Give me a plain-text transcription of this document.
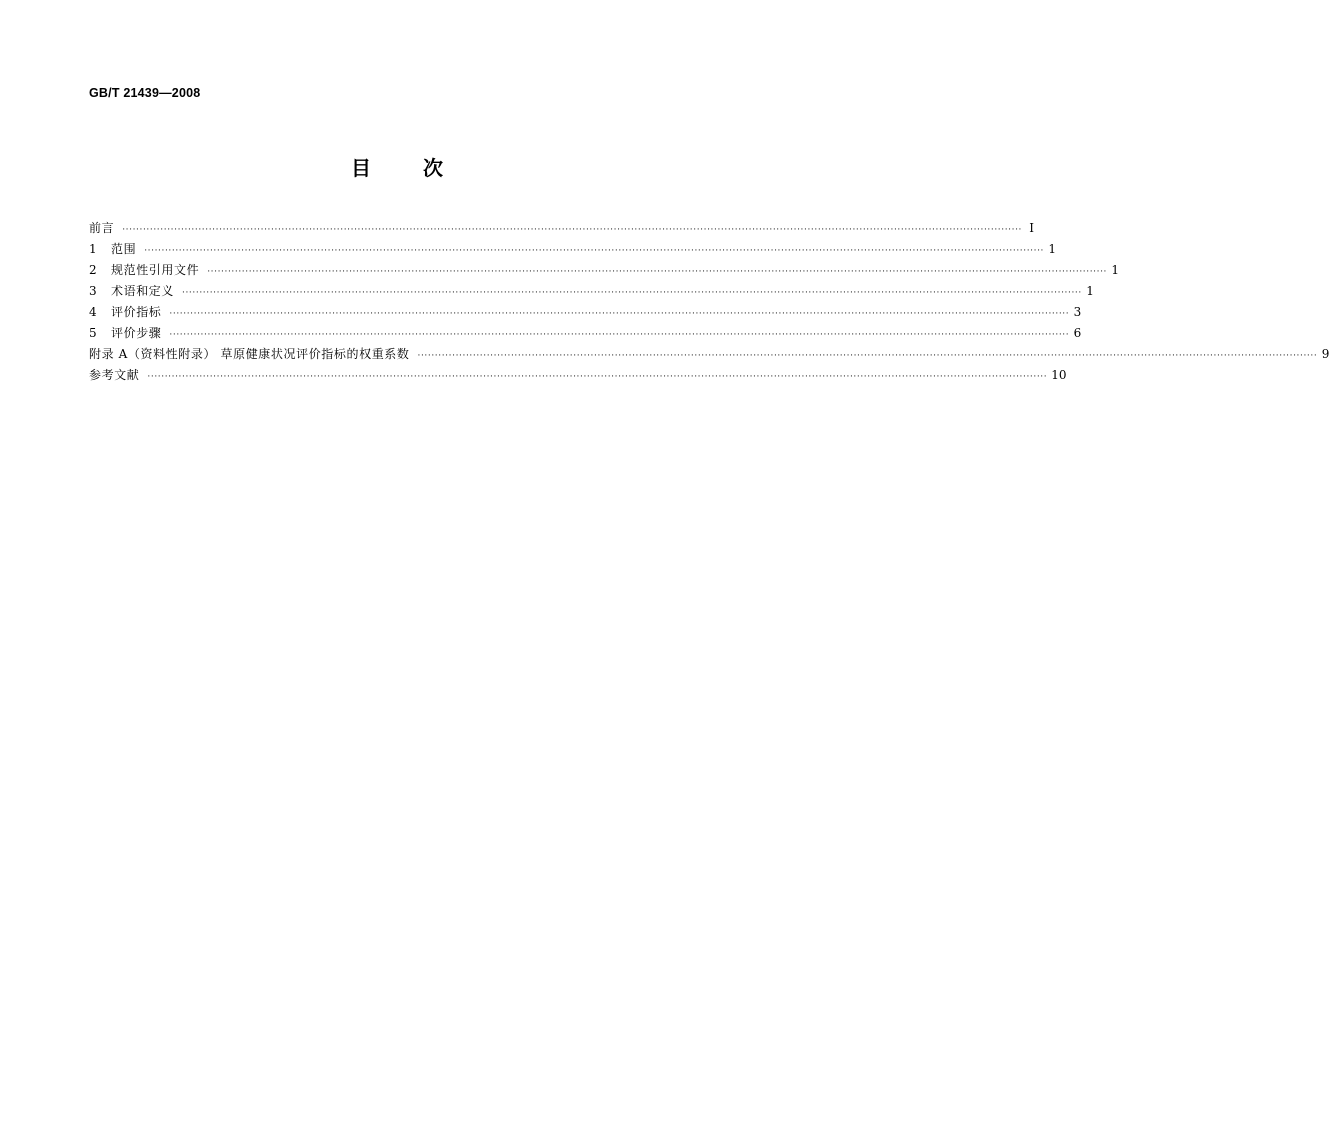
GB/T 21439—2008
目	次
前言 ···································································································································································································································································· Ⅰ
1	范围 ···································································································································································································································································· 1
2	规范性引用文件 ···································································································································································································································································· 1
3	术语和定义 ···································································································································································································································································· 1
4	评价指标 ···································································································································································································································································· 3
5	评价步骤 ···································································································································································································································································· 6
附录 A（资料性附录） 草原健康状况评价指标的权重系数 ···································································································································································································································································· 9
参考文献 ···································································································································································································································································· 10
